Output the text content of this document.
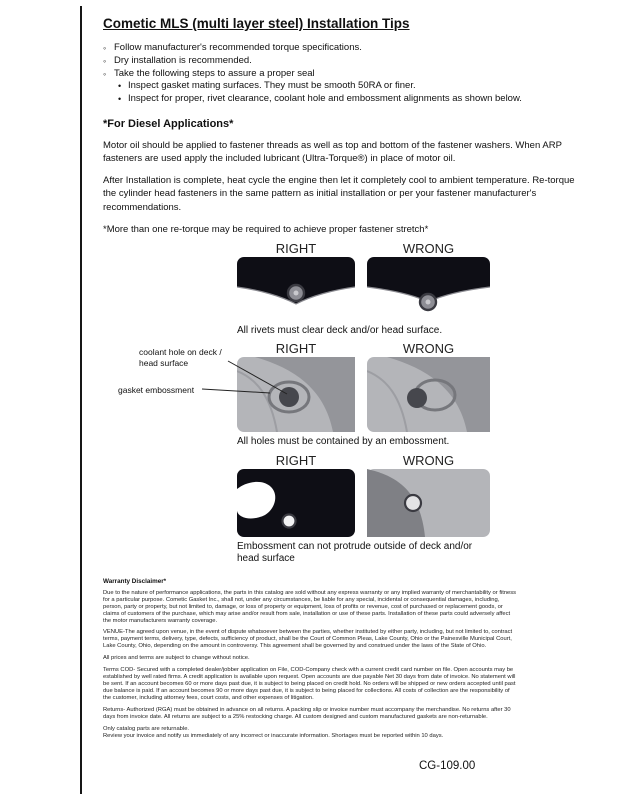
Cometic MLS (multi layer steel) Installation Tips
◦ Follow manufacturer's recommended torque specifications.
◦ Dry installation is recommended.
◦ Take the following steps to assure a proper seal
• Inspect gasket mating surfaces. They must be smooth 50RA or finer.
• Inspect for proper, rivet clearance, coolant hole and embossment alignments as shown below.
*For Diesel Applications*

Motor oil should be applied to fastener threads as well as top and bottom of the fastener washers. When ARP fasteners are used apply the included lubricant (Ultra-Torque®) in place of motor oil.

After Installation is complete, heat cycle the engine then let it completely cool to ambient temperature. Re-torque the cylinder head fasteners in the same pattern as initial installation or per your fastener manufacturer's recommendations.

*More than one re-torque may be required to achieve proper fastener stretch*

RIGHT	WRONG
All rivets must clear deck and/or head surface.
coolant hole on deck / head surface
gasket embossment
RIGHT	WRONG
All holes must be contained by an embossment.
RIGHT	WRONG
Embossment can not protrude outside of deck and/or head surface

Warranty Disclaimer*

Due to the nature of performance applications, the parts in this catalog are sold without any express warranty or any implied warranty of merchantability or fitness for a particular purpose. Cometic Gasket Inc., shall not, under any circumstances, be liable for any special, incidental or consequential damages, including, person, party or property, but not limited to, damage, or loss of property or equipment, loss of profits or revenue, cost of purchased or replacement goods, or claims of customers of the purchase, which may arise and/or result from sale, installation or use of these parts. Installation of these parts could adversely affect the motor manufacturers warranty coverage.

VENUE-The agreed upon venue, in the event of dispute whatsoever between the parties, whether instituted by either party, including, but not limited to, contract terms, payment terms, delivery, type, defects, sufficiency of product, shall be the Court of Common Pleas, Lake County, Ohio or the Painesville Municipal Court, Lake County, Ohio, depending on the amount in controversy. This agreement shall be governed by and construed under the laws of the State of Ohio.

All prices and terms are subject to change without notice.

Terms COD- Secured with a completed dealer/jobber application on File, COD-Company check with a current credit card number on file. Open accounts may be established by well rated firms. A credit application is available upon request. Open accounts are due payable Net 30 days from date of invoice. No statement will be sent. If an account becomes 60 or more days past due, it is subject to being placed on credit hold. No orders will be shipped or new orders accepted until past due balance is paid. If an account becomes 90 or more days past due, it is subject to being placed for collections. All costs of collection are the responsibility of the customer, including attorney fees, court costs, and other expenses of litigation.

Returns- Authorized (RGA) must be obtained in advance on all returns. A packing slip or invoice number must accompany the merchandise. No returns after 30 days from invoice date. All returns are subject to a 25% restocking charge. All custom designed and custom manufactured gaskets are non-returnable.

Only catalog parts are returnable.

Review your invoice and notify us immediately of any incorrect or inaccurate information. Shortages must be reported within 10 days.

CG-109.00
